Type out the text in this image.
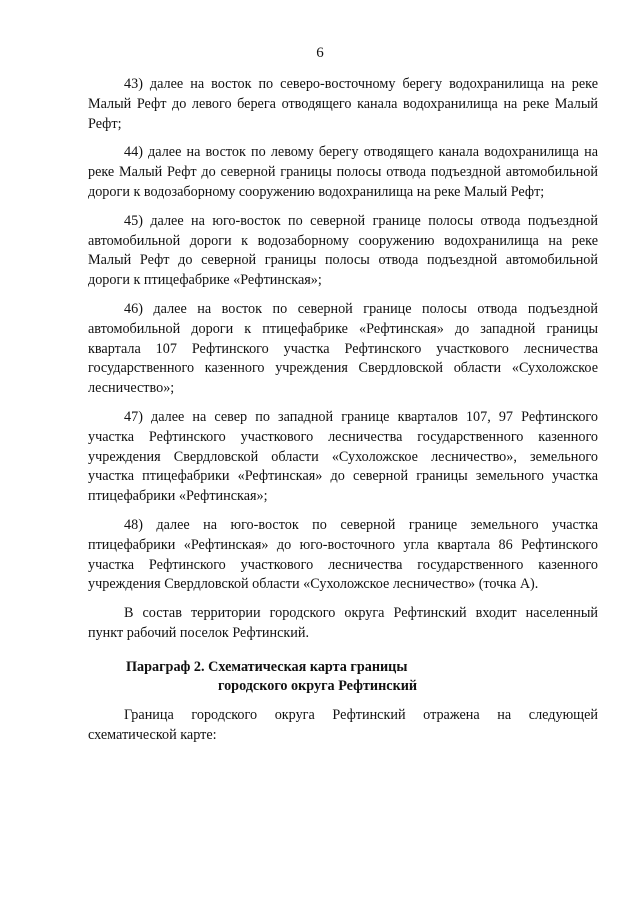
6

43) далее на восток по северо-восточному берегу водохранилища на реке Малый Рефт до левого берега отводящего канала водохранилища на реке Малый Рефт;

44) далее на восток по левому берегу отводящего канала водохранилища на реке Малый Рефт до северной границы полосы отвода подъездной автомобильной дороги к водозаборному сооружению водохранилища на реке Малый Рефт;

45) далее на юго-восток по северной границе полосы отвода подъездной автомобильной дороги к водозаборному сооружению водохранилища на реке Малый Рефт до северной границы полосы отвода подъездной автомобильной дороги к птицефабрике «Рефтинская»;

46) далее на восток по северной границе полосы отвода подъездной автомобильной дороги к птицефабрике «Рефтинская» до западной границы квартала 107 Рефтинского участка Рефтинского участкового лесничества государственного казенного учреждения Свердловской области «Сухоложское лесничество»;

47) далее на север по западной границе кварталов 107, 97 Рефтинского участка Рефтинского участкового лесничества государственного казенного учреждения Свердловской области «Сухоложское лесничество», земельного участка птицефабрики «Рефтинская» до северной границы земельного участка птицефабрики «Рефтинская»;

48) далее на юго-восток по северной границе земельного участка птицефабрики «Рефтинская» до юго-восточного угла квартала 86 Рефтинского участка Рефтинского участкового лесничества государственного казенного учреждения Свердловской области «Сухоложское лесничество» (точка А).

В состав территории городского округа Рефтинский входит населенный пункт рабочий поселок Рефтинский.

Параграф 2. Схематическая карта границы
городского округа Рефтинский

Граница городского округа Рефтинский отражена на следующей схематической карте:
